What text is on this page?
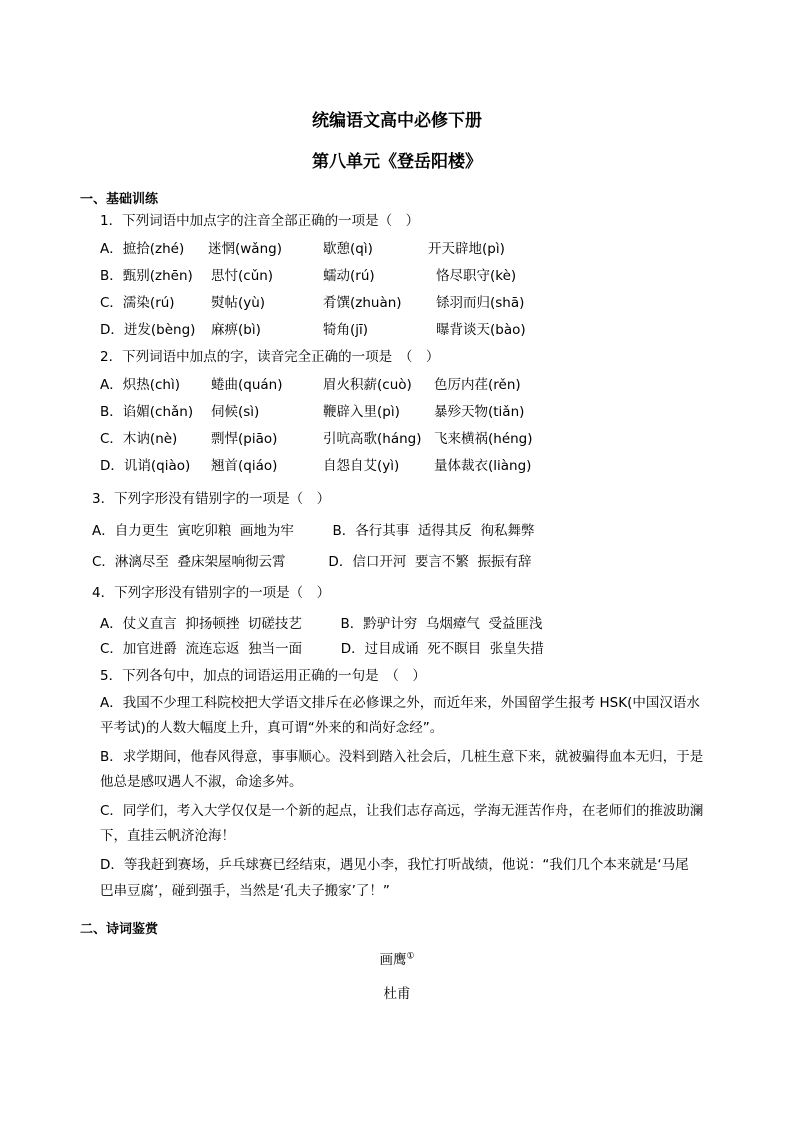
统编语文高中必修下册
第八单元《登岳阳楼》
一、基础训练
1．下列词语中加点字的注音全部正确的一项是（　）
A．摭拾(zhé) 迷惘(wǎng)	歇憩(qì)	开天辟地(pì)
B．甄别(zhēn) 思忖(cǔn)	蠕动(rú)	恪尽职守(kè)
C．濡染(rú)	熨帖(yù)	肴馔(zhuàn)	铩羽而归(shā)
D．迸发(bèng) 麻痹(bì)	犄角(jī)	曝背谈天(bào)
2．下列词语中加点的字，读音完全正确的一项是　（　）
A．炽热(chì) 蜷曲(quán)	眉火积薪(cuò) 色厉内荏(rěn)
B．谄媚(chǎn) 伺候(sì)	鞭辟入里(pì)	暴殄天物(tiǎn)
C．木讷(nè) 剽悍(piāo)	引吭高歌(háng) 飞来横祸(héng)
D．讥诮(qiào) 翘首(qiáo)	自怨自艾(yì)	量体裁衣(liàng)
3．下列字形没有错别字的一项是（　）
A．自力更生  寅吃卯粮  画地为牢         B．各行其事  适得其反  徇私舞弊
C．淋漓尽至  叠床架屋响彻云霄          D．信口开河  要言不繁  振振有辞
4．下列字形没有错别字的一项是（　）
A．仗义直言  抑扬顿挫  切磋技艺         B．黔驴计穷  乌烟瘴气  受益匪浅
C．加官进爵  流连忘返  独当一面         D．过目成诵  死不瞑目  张皇失措
5．下列各句中，加点的词语运用正确的一句是　（　）
A．我国不少理工科院校把大学语文排斥在必修课之外，而近年来，外国留学生报考 HSK(中国汉语水
平考试)的人数大幅度上升，真可谓“外来的和尚好念经”。
B．求学期间，他春风得意，事事顺心。没料到踏入社会后，几桩生意下来，就被骗得血本无归，于是
他总是感叹遇人不淑，命途多舛。
C．同学们，考入大学仅仅是一个新的起点，让我们志存高远，学海无涯苦作舟，在老师们的推波助澜
下，直挂云帆济沧海！
D．等我赶到赛场，乒乓球赛已经结束，遇见小李，我忙打听战绩，他说：“我们几个本来就是‘马尾
巴串豆腐’，碰到强手，当然是‘孔夫子搬家’了！”
二、诗词鉴赏
画鹰①
杜甫
